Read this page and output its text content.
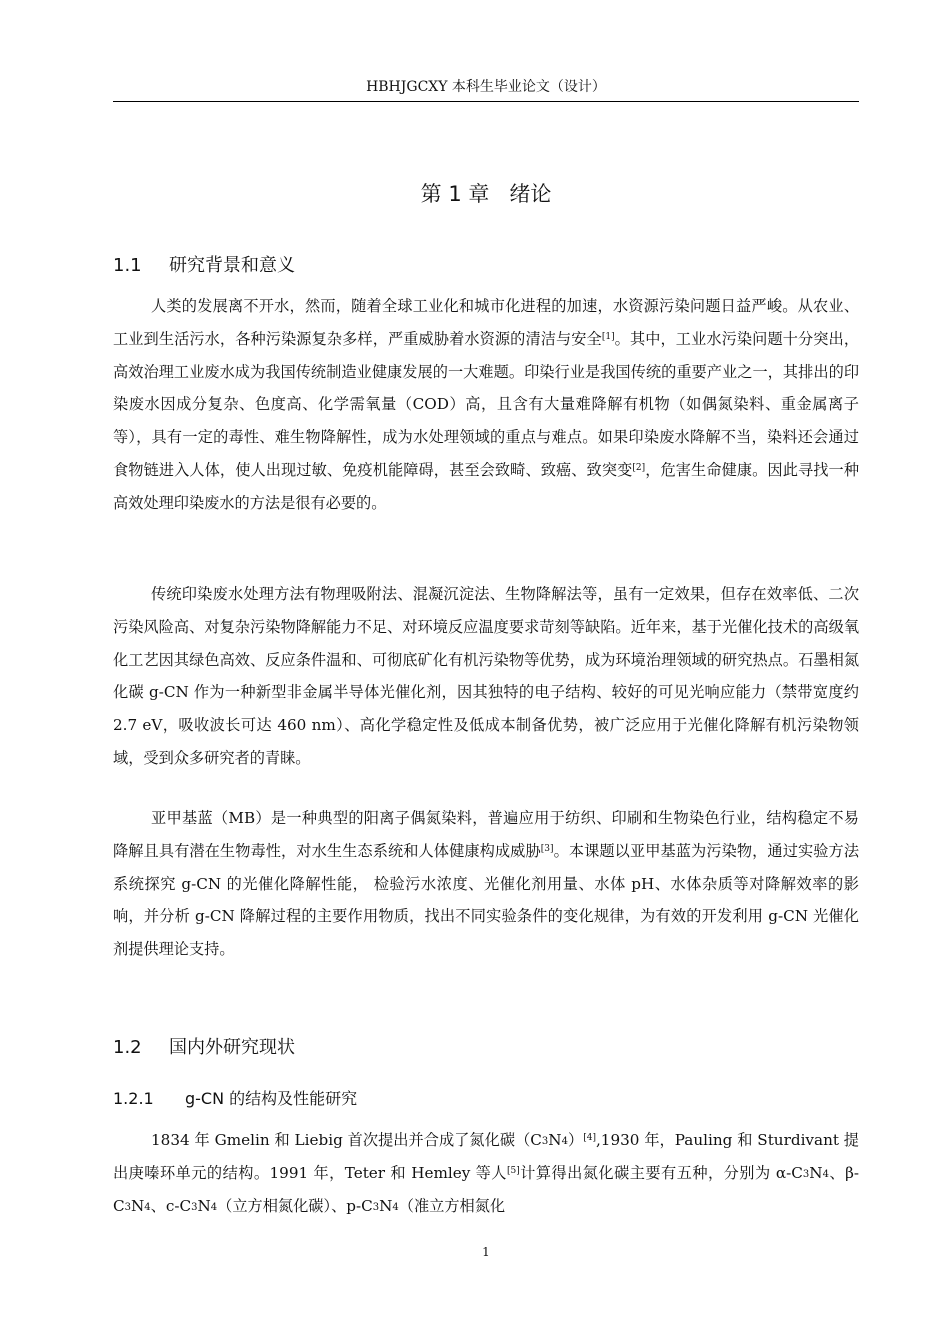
HBHJGCXY 本科生毕业论文（设计）
第 1 章 绪论
1.1 研究背景和意义

人类的发展离不开水，然而，随着全球工业化和城市化进程的加速，水资源污染问题日益严峻。从农业、工业到生活污水，各种污染源复杂多样，严重威胁着水资源的清洁与安全[1]。其中，工业水污染问题十分突出，高效治理工业废水成为我国传统制造业健康发展的一大难题。印染行业是我国传统的重要产业之一，其排出的印染废水因成分复杂、色度高、化学需氧量（COD）高，且含有大量难降解有机物（如偶氮染料、重金属离子等），具有一定的毒性、难生物降解性，成为水处理领域的重点与难点。如果印染废水降解不当，染料还会通过食物链进入人体，使人出现过敏、免疫机能障碍，甚至会致畸、致癌、致突变[2]，危害生命健康。因此寻找一种高效处理印染废水的方法是很有必要的。

传统印染废水处理方法有物理吸附法、混凝沉淀法、生物降解法等，虽有一定效果，但存在效率低、二次污染风险高、对复杂污染物降解能力不足、对环境反应温度要求苛刻等缺陷。近年来，基于光催化技术的高级氧化工艺因其绿色高效、反应条件温和、可彻底矿化有机污染物等优势，成为环境治理领域的研究热点。石墨相氮化碳 g-CN 作为一种新型非金属半导体光催化剂，因其独特的电子结构、较好的可见光响应能力（禁带宽度约 2.7 eV，吸收波长可达 460 nm）、高化学稳定性及低成本制备优势，被广泛应用于光催化降解有机污染物领域，受到众多研究者的青睐。

亚甲基蓝（MB）是一种典型的阳离子偶氮染料，普遍应用于纺织、印刷和生物染色行业，结构稳定不易降解且具有潜在生物毒性，对水生生态系统和人体健康构成威胁[3]。本课题以亚甲基蓝为污染物，通过实验方法系统探究 g-CN 的光催化降解性能， 检验污水浓度、光催化剂用量、水体 pH、水体杂质等对降解效率的影响，并分析 g-CN 降解过程的主要作用物质，找出不同实验条件的变化规律，为有效的开发利用 g-CN 光催化剂提供理论支持。

1.2 国内外研究现状
1.2.1 g-CN 的结构及性能研究

1834 年 Gmelin 和 Liebig 首次提出并合成了氮化碳$(C_3N_4)[4],1930$ 年，Pauling 和 Sturdivant 提出庚嗪环单元的结构。1991 年，Teter 和 Hemley 等人[5]计算得出氮化碳主要有五种，分别为 $\alpha-C_3N_4$、$\beta-C_3N_4$、$c-C_3N_4$（立方相氮化碳）、$p-C_3N_4$（准立方相氮化

1
